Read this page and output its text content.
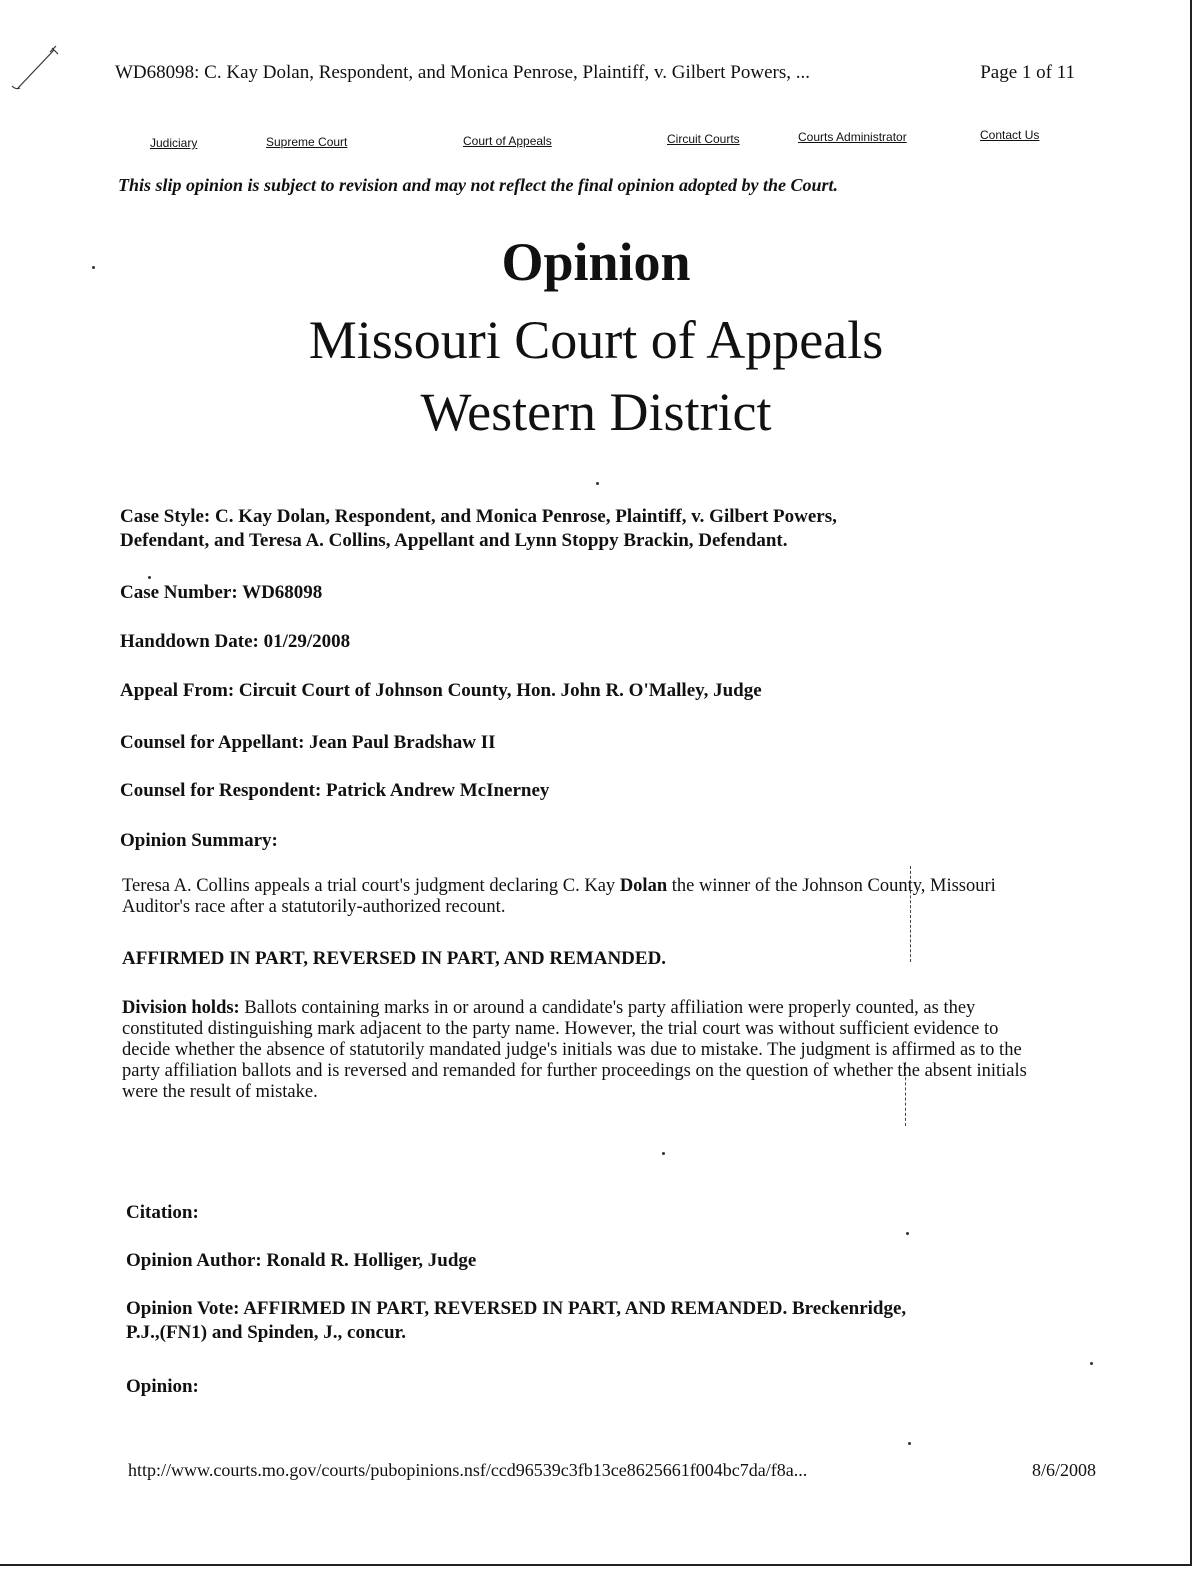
WD68098: C. Kay Dolan, Respondent, and Monica Penrose, Plaintiff, v. Gilbert Powers, ...	Page 1 of 11
Judiciary	Supreme Court	Court of Appeals	Circuit Courts	Courts Administrator	Contact Us
This slip opinion is subject to revision and may not reflect the final opinion adopted by the Court.
Opinion
Missouri Court of Appeals
Western District
Case Style: C. Kay Dolan, Respondent, and Monica Penrose, Plaintiff, v. Gilbert Powers,
Defendant, and Teresa A. Collins, Appellant and Lynn Stoppy Brackin, Defendant.
Case Number: WD68098
Handdown Date: 01/29/2008
Appeal From: Circuit Court of Johnson County, Hon. John R. O'Malley, Judge
Counsel for Appellant: Jean Paul Bradshaw II
Counsel for Respondent: Patrick Andrew McInerney
Opinion Summary:
Teresa A. Collins appeals a trial court's judgment declaring C. Kay Dolan the winner of the Johnson County, Missouri Auditor's race after a statutorily-authorized recount.
AFFIRMED IN PART, REVERSED IN PART, AND REMANDED.
Division holds: Ballots containing marks in or around a candidate's party affiliation were properly counted, as they constituted distinguishing mark adjacent to the party name. However, the trial court was without sufficient evidence to decide whether the absence of statutorily mandated judge's initials was due to mistake. The judgment is affirmed as to the party affiliation ballots and is reversed and remanded for further proceedings on the question of whether the absent initials were the result of mistake.
Citation:
Opinion Author: Ronald R. Holliger, Judge
Opinion Vote: AFFIRMED IN PART, REVERSED IN PART, AND REMANDED. Breckenridge,
P.J.,(FN1) and Spinden, J., concur.
Opinion:
http://www.courts.mo.gov/courts/pubopinions.nsf/ccd96539c3fb13ce8625661f004bc7da/f8a...	8/6/2008
